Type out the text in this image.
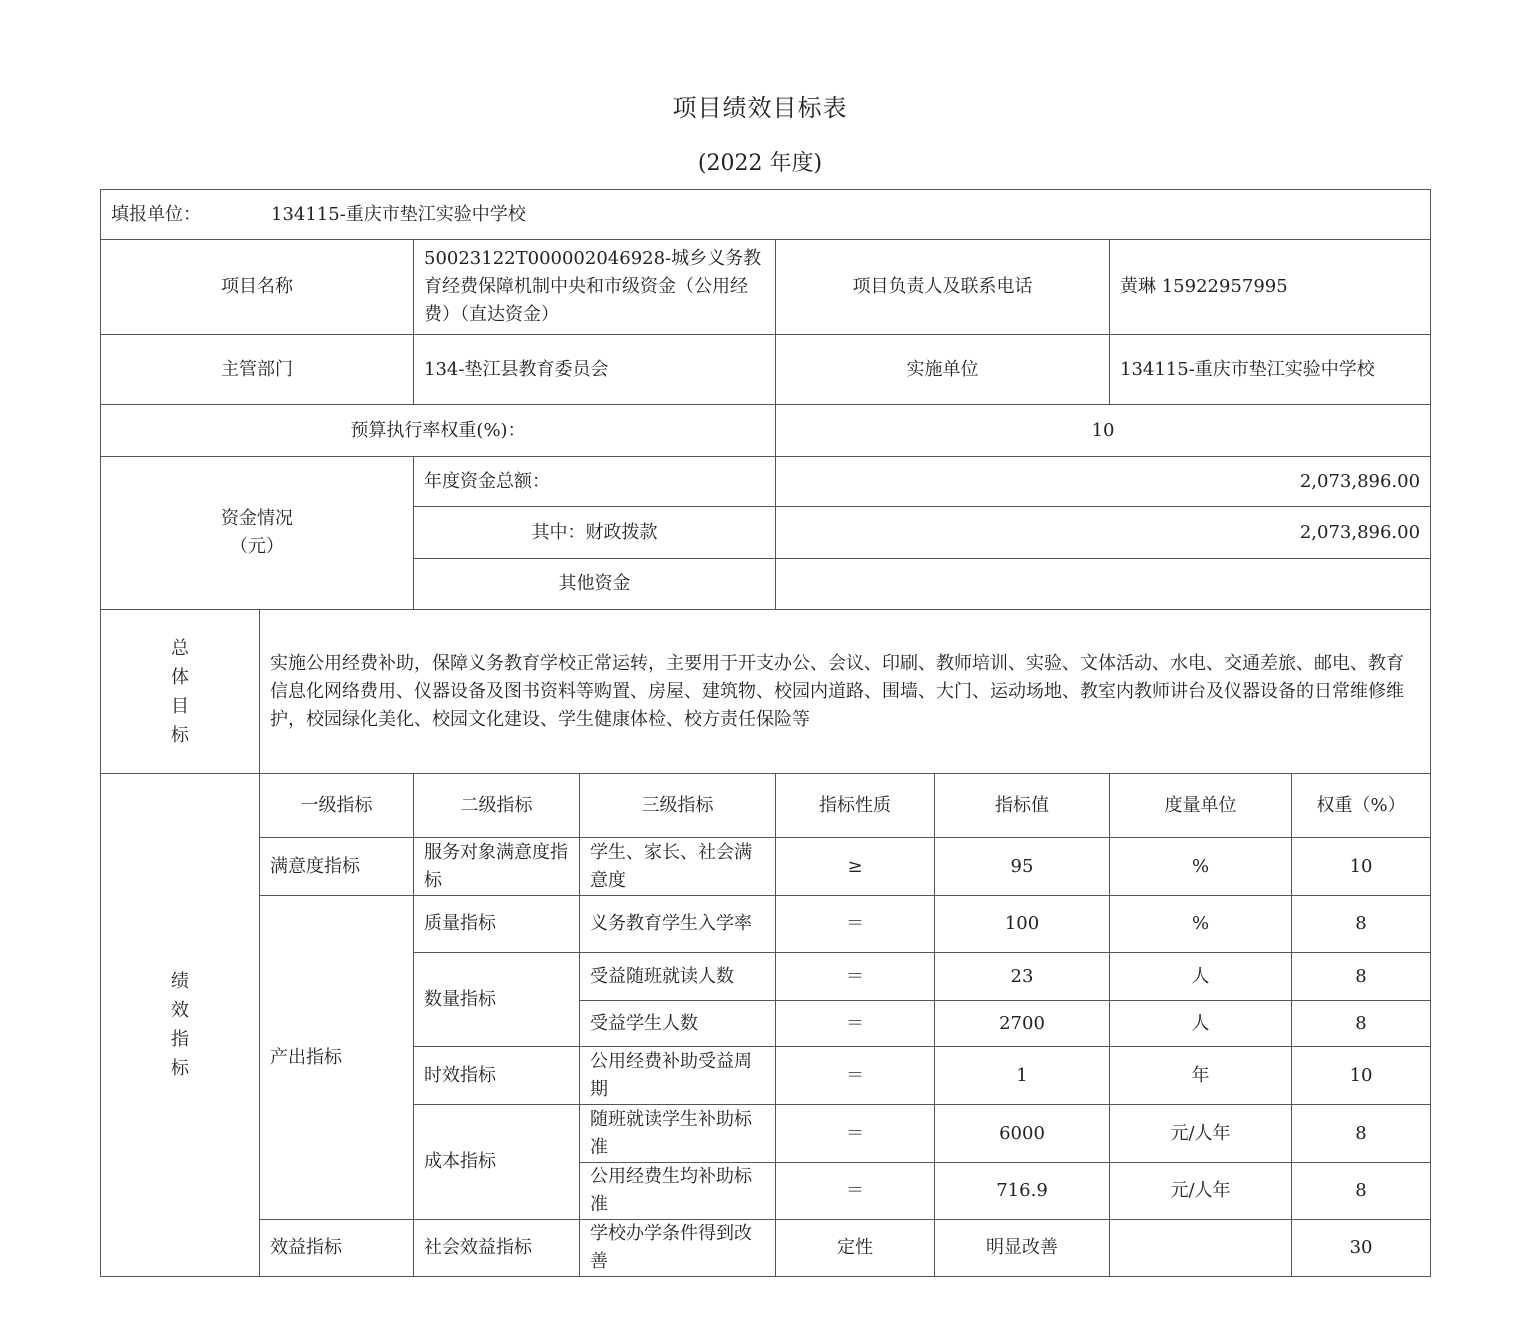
项目绩效目标表
(2022 年度)
填报单位： 134115-重庆市垫江实验中学校							
项目名称		50023122T000002046928-城乡义务教育经费保障机制中央和市级资金（公用经费）（直达资金）		项目负责人及联系电话		黄琳 15922957995	
主管部门		134-垫江县教育委员会		实施单位		134115-重庆市垫江实验中学校	
预算执行率权重(%)：				10			

资金情况
（元）		年度资金总额：		2,073,896.00			
		其中：财政拨款		2,073,896.00			
		其他资金					

总
体
目
标	实施公用经费补助，保障义务教育学校正常运转，主要用于开支办公、会议、印刷、教师培训、实验、文体活动、水电、交通差旅、邮电、教育信息化网络费用、仪器设备及图书资料等购置、房屋、建筑物、校园内道路、围墙、大门、运动场地、教室内教师讲台及仪器设备的日常维修维护，校园绿化美化、校园文化建设、学生健康体检、校方责任保险等						

绩
效
指
标	一级指标	二级指标	三级指标	指标性质	指标值	度量单位	权重（%）
	满意度指标	服务对象满意度指标	学生、家长、社会满意度	≥	95	%	10
	产出指标	质量指标	义务教育学生入学率	＝	100	%	8
		数量指标	受益随班就读人数	＝	23	人	8
			受益学生人数	＝	2700	人	8
		时效指标	公用经费补助受益周期	＝	1	年	10
		成本指标	随班就读学生补助标准	＝	6000	元/人年	8
			公用经费生均补助标准	＝	716.9	元/人年	8
	效益指标	社会效益指标	学校办学条件得到改善	定性	明显改善		30
